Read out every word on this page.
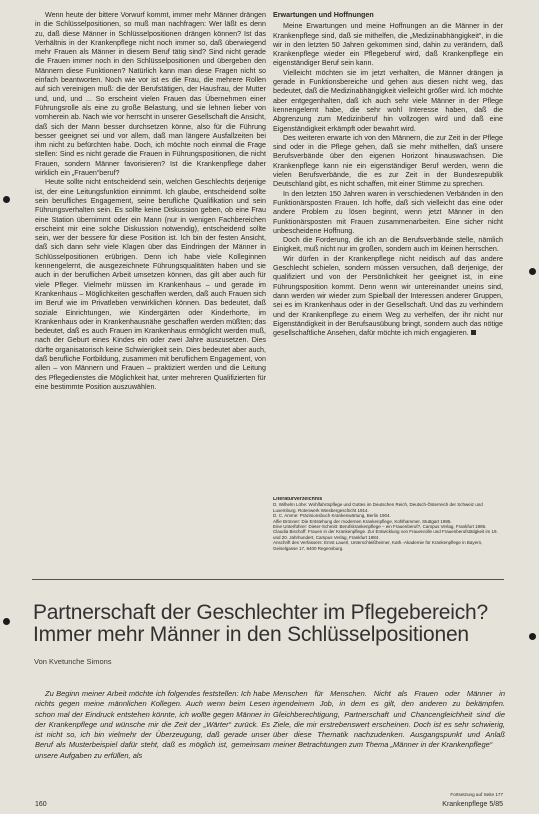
Wenn heute der bittere Vorwurf kommt, immer mehr Männer drängen in die Schlüsselpositionen, so muß man nachfragen: Wer läßt es denn zu, daß diese Männer in Schlüsselpositionen drängen können? Ist das Verhältnis in der Krankenpflege nicht noch immer so, daß überwiegend mehr Frauen als Männer in diesem Beruf tätig sind? Sind nicht gerade die Frauen immer noch in den Schlüsselpositionen und übergeben den Männern diese Funktionen? Natürlich kann man diese Fragen nicht so einfach beantworten. Noch wie vor ist es die Frau, die mehrere Rollen auf sich vereinigen muß: die der Berufstätigen, der Hausfrau, der Mutter und, und, und ... So erscheint vielen Frauen das Übernehmen einer Führungsrolle als eine zu große Belastung, und sie lehnen lieber von vornherein ab. Nach wie vor herrscht in unserer Gesellschaft die Ansicht, daß sich der Mann besser durchsetzen könne, also für die Führung besser geeignet sei und vor allem, daß man längere Ausfallzeiten bei ihm nicht zu befürchten habe. Doch, ich möchte noch einmal die Frage stellen: Sind es nicht gerade die Frauen in Führungspositionen, die nicht Frauen, sondern Männer favorisieren? Ist die Krankenpflege daher wirklich ein „Frauen“beruf?

Heute sollte nicht entscheidend sein, welchen Geschlechts derjenige ist, der eine Leitungsfunktion einnimmt. Ich glaube, entscheidend sollte sein berufliches Engagement, seine berufliche Qualifikation und sein Führungsverhalten sein. Es sollte keine Diskussion geben, ob eine Frau eine Station übernimmt oder ein Mann (nur in wenigen Fachbereichen erscheint mir eine solche Diskussion notwendig), entscheidend sollte sein, wer der bessere für diese Position ist. Ich bin der festen Ansicht, daß sich dann sehr viele Klagen über das Eindringen der Männer in Schlüsselpositionen erübrigen. Denn ich habe viele Kolleginnen kennengelernt, die ausgezeichnete Führungsqualitäten haben und sie auch in der beruflichen Arbeit umsetzen können, das gilt aber auch für viele Pfleger. Vielmehr müssen im Krankenhaus – und gerade im Krankenhaus – Möglichkeiten geschaffen werden, daß auch Frauen sich im Beruf wie im Privatleben verwirklichen können. Das bedeutet, daß soziale Einrichtungen, wie Kindergärten oder Kinderhorte, im Krankenhaus oder in Krankenhausnähe geschaffen werden müßten; das bedeutet, daß es auch Frauen im Krankenhaus ermöglicht werden muß, nach der Geburt eines Kindes ein oder zwei Jahre auszusetzen. Dies dürfte organisatorisch keine Schwierigkeit sein. Dies bedeutet aber auch, daß berufliche Fortbildung, zusammen mit beruflichem Engagement, von allen – von Männern und Frauen – praktiziert werden und die Leitung des Pflegedienstes die Möglichkeit hat, unter mehreren Qualifizierten für eine bestimmte Position auszuwählen.

Erwartungen und Hoffnungen

Meine Erwartungen und meine Hoffnungen an die Männer in der Krankenpflege sind, daß sie mithelfen, die „Mediziinabhängigkeit“, in die wir in den letzten 50 Jahren gekommen sind, dahin zu verändern, daß Krankenpflege wieder ein Pflegeberuf wird, daß Krankenpflege ein eigenständiger Beruf sein kann.

Vielleicht möchten sie im jetzt verhalten, die Männer drängen ja gerade in Funktionsbereiche und gehen aus diesen nicht weg, das bedeutet, daß die Medizinabhängigkeit vielleicht größer wird. Ich möchte aber entgegenhalten, daß ich auch sehr viele Männer in der Pflege kennengelernt habe, die sehr wohl Interesse haben, daß die Abgrenzung zum Medizinberuf hin vollzogen wird und daß eine Eigenständigkeit erkämpft oder bewahrt wird.

Des weiteren erwarte ich von den Männern, die zur Zeit in der Pflege sind oder in die Pflege gehen, daß sie mehr mithelfen, daß unsere Berufsverbände über den eigenen Horizont hinauswachsen. Die Krankenpflege kann nie ein eigenständiger Beruf werden, wenn die vielen Berufsverbände, die es zur Zeit in der Bundesrepublik Deutschland gibt, es nicht schaffen, mit einer Stimme zu sprechen.

In den letzten 150 Jahren waren in verschiedenen Verbänden in den Funktionärsposten Frauen. Ich hoffe, daß sich vielleicht das eine oder andere Problem zu lösen beginnt, wenn jetzt Männer in den Funktionärsposten mit Frauen zusammenarbeiten. Eine sicher nicht unbescheidene Hoffnung.

Doch die Forderung, die ich an die Berufsverbände stelle, nämlich Einigkeit, muß nicht nur im großen, sondern auch im kleinen herrschen.

Wir dürfen in der Krankenpflege nicht neidisch auf das andere Geschlecht schielen, sondern müssen versuchen, daß derjenige, der qualifiziert und von der Persönlichkeit her geeignet ist, in eine Führungsposition kommt. Denn wenn wir untereinander uneins sind, dann werden wir wieder zum Spielball der Interessen anderer Gruppen, sei es im Krankenhaus oder in der Gesellschaft. Und das zu verhindern und der Krankenpflege zu einem Weg zu verhelfen, der ihr nicht nur Eigenständigkeit in der Berufsausübung bringt, sondern auch das nötige gesellschaftliche Ansehen, dafür möchte ich mich engagieren.

Literaturverzeichnis
D. Wilhelm Löhe: Wohlfahrtspflege und Gottes im Deutschen Reich, Deutsch-Österreich der Schweiz und Luxemburg. Rotenwerk Wiesbergeschicht 1914.
D. C. Amme: Präzisionsbuch Krankenwärtung, Berlin 1904.
Alfie Brönner: Die Entstehung der modernen Krankenpflege, Kohlhammer, Stuttgart 1985.
Eine Unterführer: Dieter-Schmitt: Berufskrankenpflege – ein Frauenberuf?, Campus Verlag, Frankfurt 1986.
Claudia Bischoff: Frauen in der Krankenpflege. Zur Entwicklung von Frauenrolle und Frauenberufstätigkeit im 19. und 20. Jahrhundert, Campus Verlag, Frankfurt 1984.
Anschrift des Verfassers: Ernst Lauerl, Unterschleißheimer, Kath.-Akademie für Krankenpflege in Bayern, Geiselgasse 17, 8400 Regensburg.
Partnerschaft der Geschlechter im Pflegebereich?
Immer mehr Männer in den Schlüsselpositionen
Von Kvetunche Simons
Zu Beginn meiner Arbeit möchte ich folgendes feststellen: Ich habe nichts gegen meine männlichen Kollegen. Auch wenn beim Lesen schon mal der Eindruck entstehen könnte, ich wollte gegen Männer in der Krankenpflege und wünsche mir die Zeit der „Wärter“ zurück. Es ist nicht so, ich bin vielmehr der Überzeugung, daß gerade unser Beruf als Musterbeispiel dafür steht, daß es möglich ist, gemeinsam unsere Aufgaben zu erfüllen, als
Menschen für Menschen. Nicht als Frauen oder Männer in irgendeinem Job, in dem es gilt, den anderen zu bekämpfen. Gleichberechtigung, Partnerschaft und Chancengleichheit sind die Ziele, die mir erstrebenswert erscheinen. Doch ist es sehr schwierig, über diese Thematik nachzudenken. Ausgangspunkt und Anlaß meiner Betrachtungen zum Thema „Männer in der Krankenpflege“
Fortsetzung auf Seite 177
160	Krankenpflege 5/85
